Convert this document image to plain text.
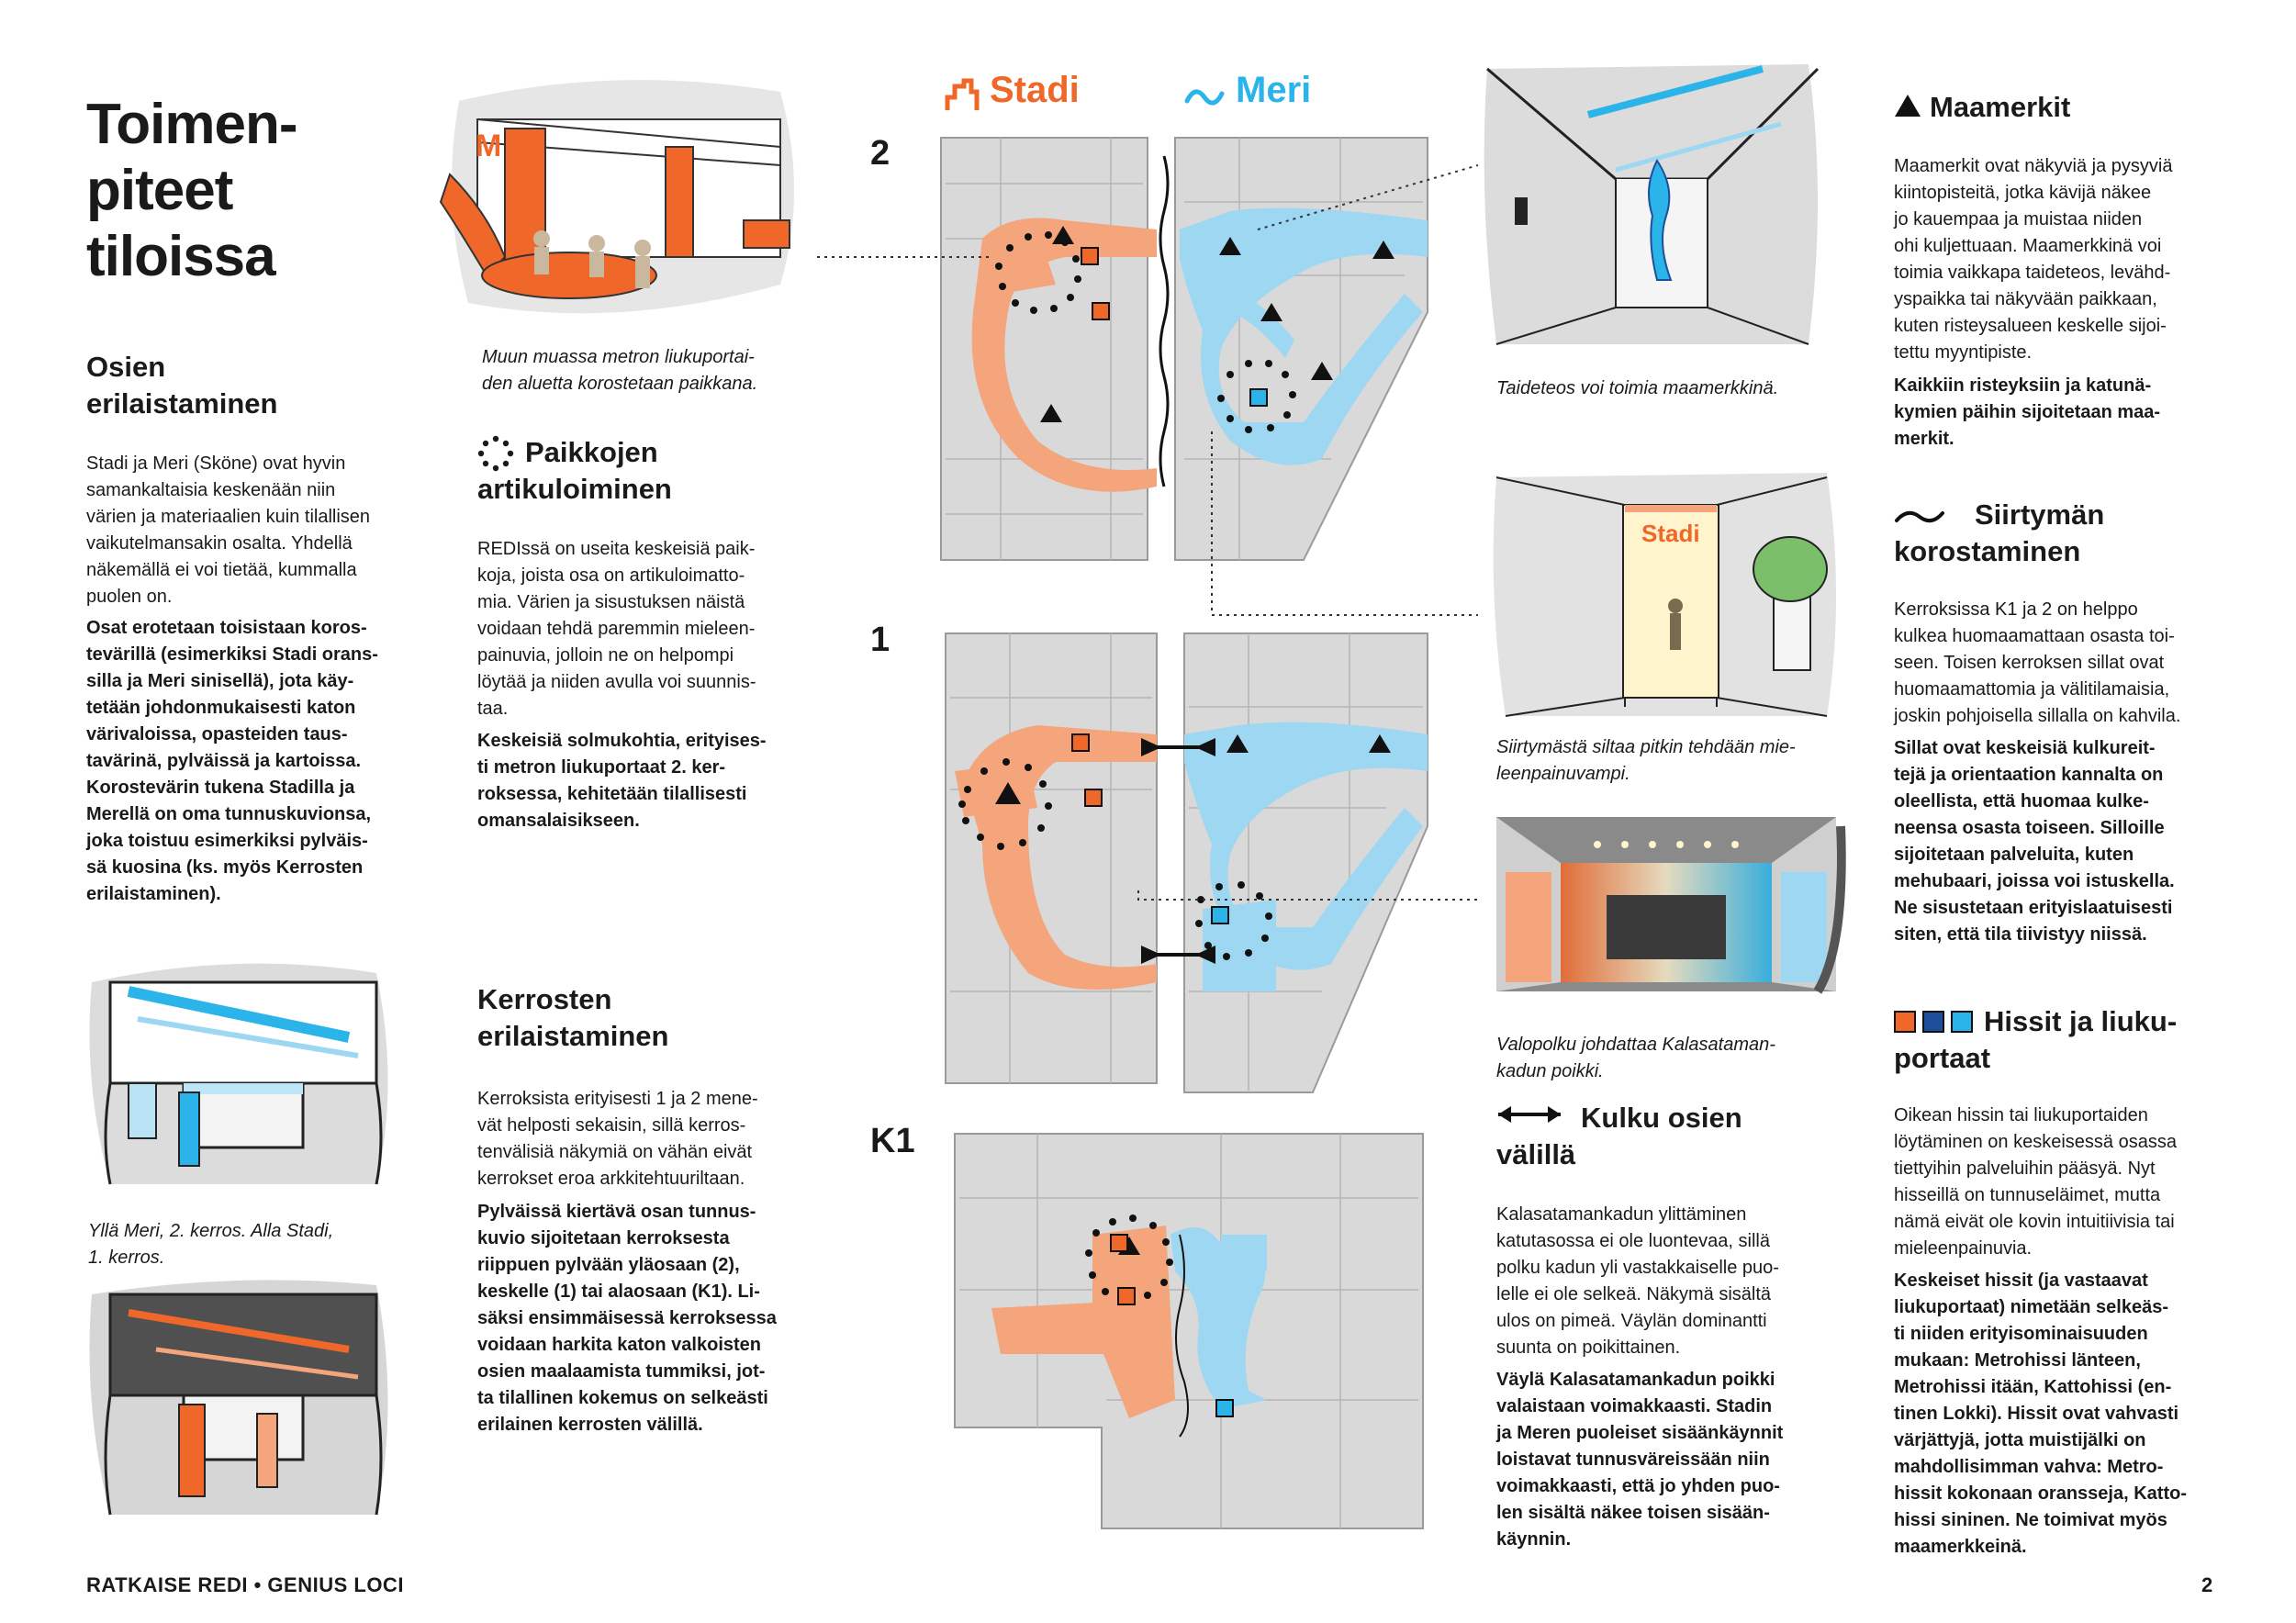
Toimen-
piteet
tiloissa
Osien
erilaistaminen
Stadi ja Meri (Sköne) ovat hyvin
samankaltaisia keskenään niin
värien ja materiaalien kuin tilallisen
vaikutelmansakin osalta. Yhdellä
näkemällä ei voi tietää, kummalla
puolen on.
Osat erotetaan toisistaan koros-
tevärillä (esimerkiksi Stadi orans-
silla ja Meri sinisellä), jota käy-
tetään johdonmukaisesti katon
värivaloissa, opasteiden taus-
tavärinä, pylväissä ja kartoissa.
Korostevärin tukena Stadilla ja
Merellä on oma tunnuskuvionsa,
joka toistuu esimerkiksi pylväis-
sä kuosina (ks. myös Kerrosten
erilaistaminen).
Yllä Meri, 2. kerros. Alla Stadi,
1. kerros.
M
Muun muassa metron liukuportai-
den aluetta korostetaan paikkana.
Paikkojen
artikuloiminen
REDIssä on useita keskeisiä paik-
koja, joista osa on artikuloimatto-
mia. Värien ja sisustuksen näistä
voidaan tehdä paremmin mieleen-
painuvia, jolloin ne on helpompi
löytää ja niiden avulla voi suunnis-
taa.
Keskeisiä solmukohtia, erityises-
ti metron liukuportaat 2. ker-
roksessa, kehitetään tilallisesti
omansalaisikseen.
Kerrosten
erilaistaminen
Kerroksista erityisesti 1 ja 2 mene-
vät helposti sekaisin, sillä kerros-
tenvälisiä näkymiä on vähän eivät
kerrokset eroa arkkitehtuuriltaan.
Pylväissä kiertävä osan tunnus-
kuvio sijoitetaan kerroksesta
riippuen pylvään yläosaan (2),
keskelle (1) tai alaosaan (K1). Li-
säksi ensimmäisessä kerroksessa
voidaan harkita katon valkoisten
osien maalaamista tummiksi, jot-
ta tilallinen kokemus on selkeästi
erilainen kerrosten välillä.
Stadi	Meri
2
1
K1
Taideteos voi toimia maamerkkinä.
Stadi
Siirtymästä siltaa pitkin tehdään mie-
leenpainuvampi.
Valopolku johdattaa Kalasataman-
kadun poikki.
Kulku osien
välillä
Kalasatamankadun ylittäminen
katutasossa ei ole luontevaa, sillä
polku kadun yli vastakkaiselle puo-
lelle ei ole selkeä. Näkymä sisältä
ulos on pimeä. Väylän dominantti
suunta on poikittainen.
Väylä Kalasatamankadun poikki
valaistaan voimakkaasti. Stadin
ja Meren puoleiset sisäänkäynnit
loistavat tunnusväreissään niin
voimakkaasti, että jo yhden puo-
len sisältä näkee toisen sisään-
käynnin.
Maamerkit
Maamerkit ovat näkyviä ja pysyviä
kiintopisteitä, jotka kävijä näkee
jo kauempaa ja muistaa niiden
ohi kuljettuaan. Maamerkkinä voi
toimia vaikkapa taideteos, levähd-
yspaikka tai näkyvään paikkaan,
kuten risteysalueen keskelle sijoi-
tettu myyntipiste.
Kaikkiin risteyksiin ja katunä-
kymien päihin sijoitetaan maa-
merkit.
Siirtymän
korostaminen
Kerroksissa K1 ja 2 on helppo
kulkea huomaamattaan osasta toi-
seen. Toisen kerroksen sillat ovat
huomaamattomia ja välitilamaisia,
joskin pohjoisella sillalla on kahvila.
Sillat ovat keskeisiä kulkureit-
tejä ja orientaation kannalta on
oleellista, että huomaa kulke-
neensa osasta toiseen. Silloille
sijoitetaan palveluita, kuten
mehubaari, joissa voi istuskella.
Ne sisustetaan erityislaatuisesti
siten, että tila tiivistyy niissä.
Hissit ja liuku-
portaat
Oikean hissin tai liukuportaiden
löytäminen on keskeisessä osassa
tiettyihin palveluihin pääsyä. Nyt
hisseillä on tunnuseläimet, mutta
nämä eivät ole kovin intuitiivisia tai
mieleenpainuvia.
Keskeiset hissit (ja vastaavat
liukuportaat) nimetään selkeäs-
ti niiden erityisominaisuuden
mukaan: Metrohissi länteen,
Metrohissi itään, Kattohissi (en-
tinen Lokki). Hissit ovat vahvasti
värjättyjä, jotta muistijälki on
mahdollisimman vahva: Metro-
hissit kokonaan oransseja, Katto-
hissi sininen. Ne toimivat myös
maamerkkeinä.
RATKAISE REDI • GENIUS LOCI	2
